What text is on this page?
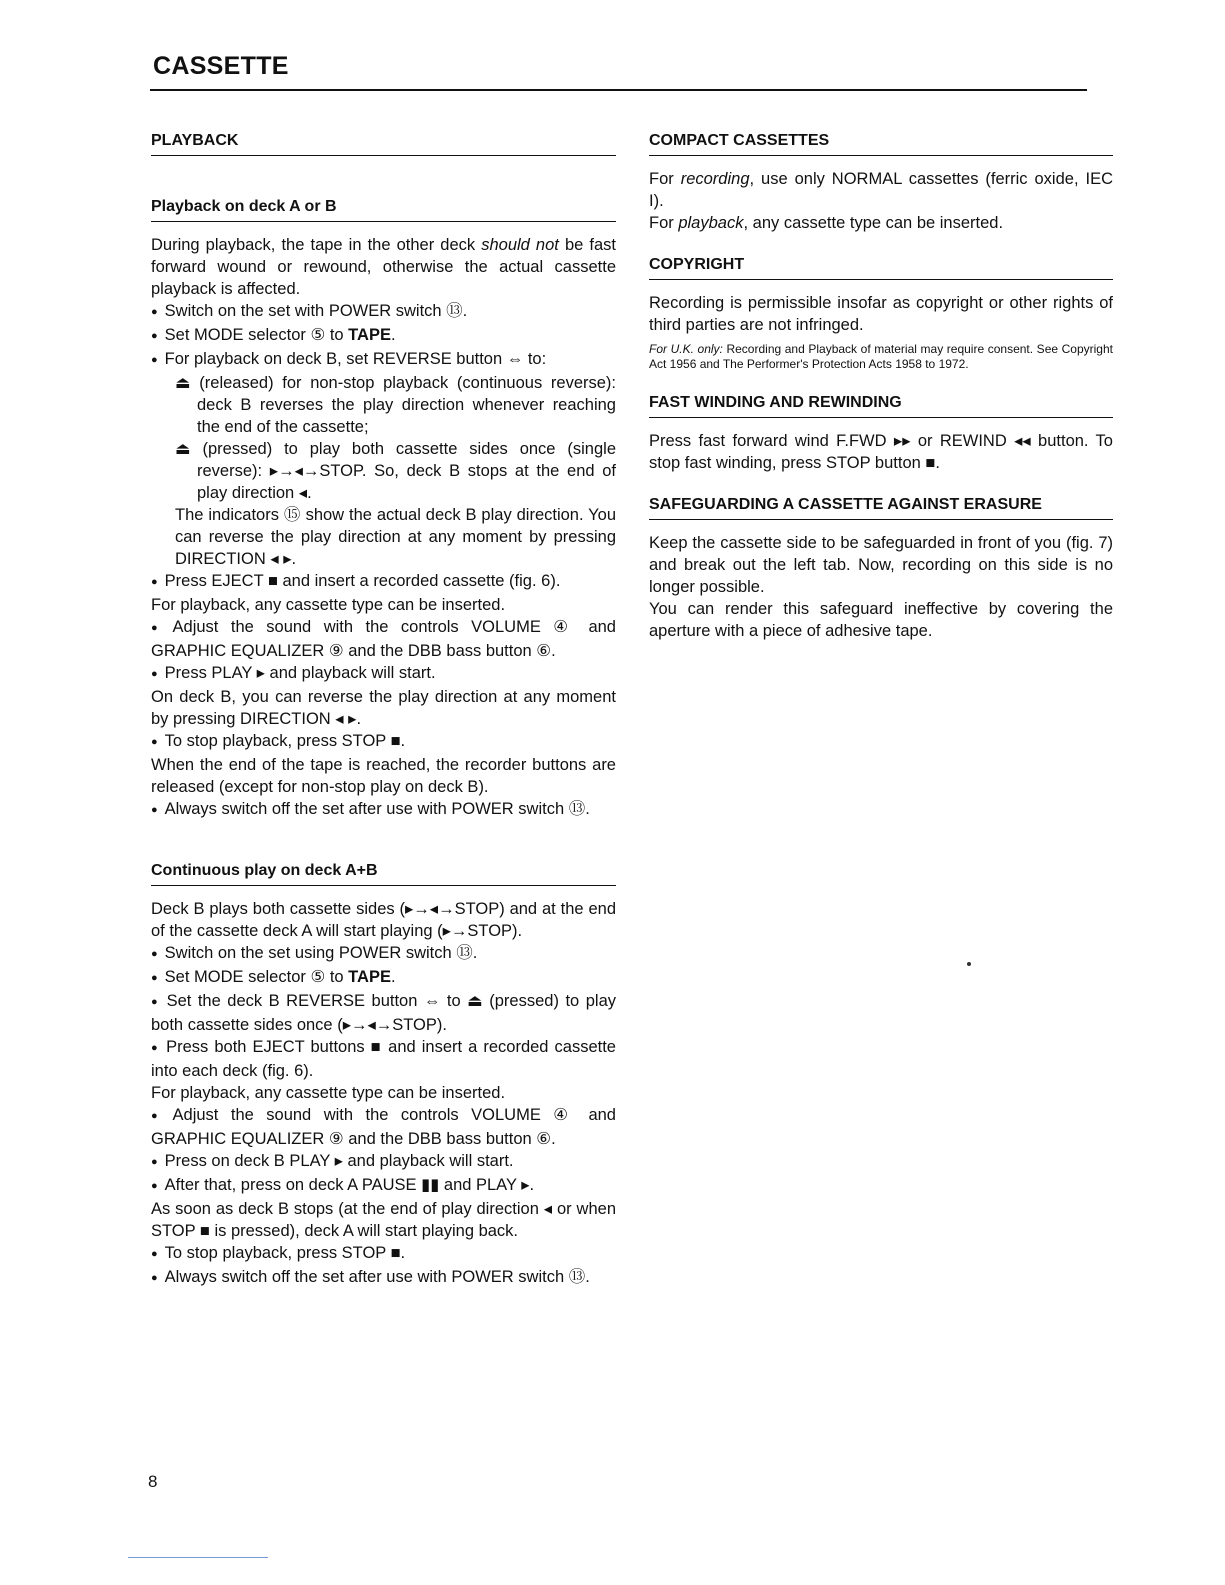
CASSETTE
PLAYBACK
Playback on deck A or B

During playback, the tape in the other deck should not be fast forward wound or rewound, otherwise the actual cassette playback is affected.

● Switch on the set with POWER switch ⑬.

● Set MODE selector ⑤ to TAPE.

● For playback on deck B, set REVERSE button ⇔ to:

⏏ (released) for non-stop playback (continuous reverse): deck B reverses the play direction whenever reaching the end of the cassette;

⏏ (pressed) to play both cassette sides once (single reverse): ▸→◂→STOP. So, deck B stops at the end of play direction ◂.

The indicators ⑮ show the actual deck B play direction. You can reverse the play direction at any moment by pressing DIRECTION ◂ ▸.

● Press EJECT ■ and insert a recorded cassette (fig. 6).

For playback, any cassette type can be inserted.

● Adjust the sound with the controls VOLUME ④ and GRAPHIC EQUALIZER ⑨ and the DBB bass button ⑥.

● Press PLAY ▸ and playback will start.

On deck B, you can reverse the play direction at any moment by pressing DIRECTION ◂ ▸.

● To stop playback, press STOP ■.

When the end of the tape is reached, the recorder buttons are released (except for non-stop play on deck B).

● Always switch off the set after use with POWER switch ⑬.

Continuous play on deck A+B

Deck B plays both cassette sides (▸→◂→STOP) and at the end of the cassette deck A will start playing (▸→STOP).

● Switch on the set using POWER switch ⑬.

● Set MODE selector ⑤ to TAPE.

● Set the deck B REVERSE button ⇔ to ⏏ (pressed) to play both cassette sides once (▸→◂→STOP).

● Press both EJECT buttons ■ and insert a recorded cassette into each deck (fig. 6).

For playback, any cassette type can be inserted.

● Adjust the sound with the controls VOLUME ④ and GRAPHIC EQUALIZER ⑨ and the DBB bass button ⑥.

● Press on deck B PLAY ▸ and playback will start.

● After that, press on deck A PAUSE ▮▮ and PLAY ▸.

As soon as deck B stops (at the end of play direction ◂ or when STOP ■ is pressed), deck A will start playing back.

● To stop playback, press STOP ■.

● Always switch off the set after use with POWER switch ⑬.

COMPACT CASSETTES

For recording, use only NORMAL cassettes (ferric oxide, IEC I).

For playback, any cassette type can be inserted.

COPYRIGHT

Recording is permissible insofar as copyright or other rights of third parties are not infringed.

For U.K. only: Recording and Playback of material may require consent. See Copyright Act 1956 and The Performer's Protection Acts 1958 to 1972.

FAST WINDING AND REWINDING

Press fast forward wind F.FWD ▸▸ or REWIND ◂◂ button. To stop fast winding, press STOP button ■.

SAFEGUARDING A CASSETTE AGAINST ERASURE

Keep the cassette side to be safeguarded in front of you (fig. 7) and break out the left tab. Now, recording on this side is no longer possible.

You can render this safeguard ineffective by covering the aperture with a piece of adhesive tape.

8
